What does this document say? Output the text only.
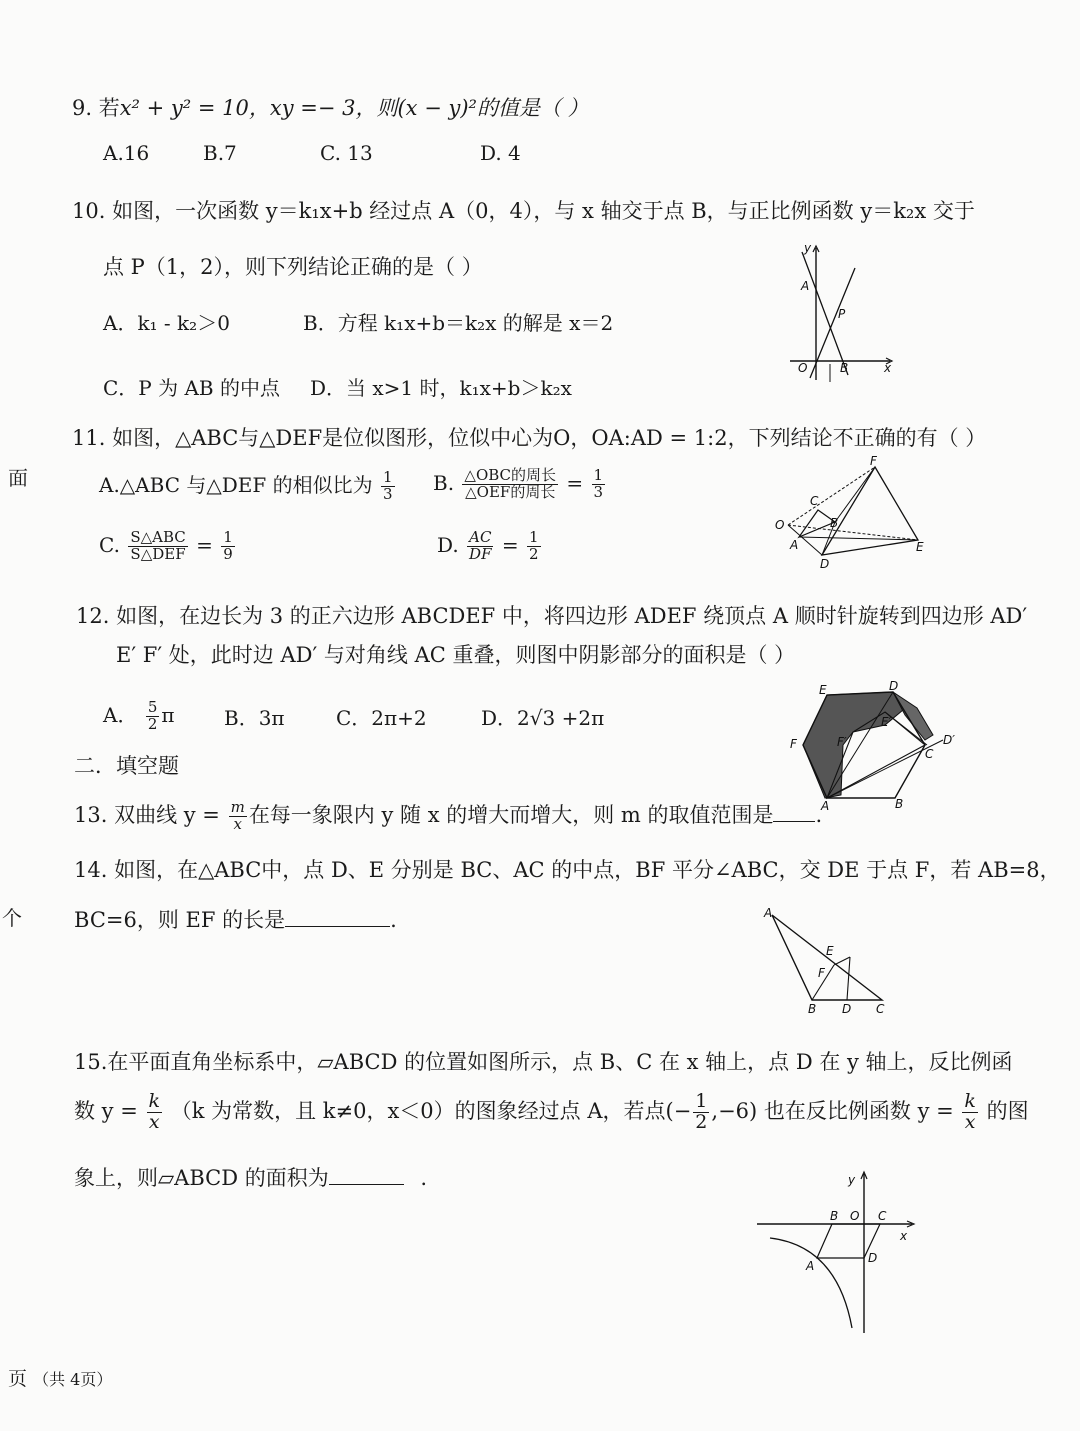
9. 若x² + y² = 10，xy =− 3，则(x − y)²的值是（ ）
A.16	B.7	C. 13	D. 4
10. 如图，一次函数 y＝k₁x+b 经过点 A（0，4），与 x 轴交于点 B，与正比例函数 y＝k₂x 交于
点 P（1，2），则下列结论正确的是（ ）
A．k₁ - k₂＞0	B．方程 k₁x+b＝k₂x 的解是 x＝2
C．P 为 AB 的中点 D．当 x>1 时，k₁x+b＞k₂x
y
A
P
O	B	x
11. 如图，△ABC与△DEF是位似图形，位似中心为O，OA:AD = 1:2，下列结论不正确的有（ ）
A.△ABC 与△DEF 的相似比为 $\frac{1}{3} B$. $\frac{\text{△OBC的周长}}{\text{△OEF的周长}} = \frac{1}{3}$
C. $\frac{\text{S△ABC}}{\text{S△DEF}} = \frac{1}{9}$	D. $\frac{AC}{DF} = \frac{1}{2}$
F
C
B
O
A	E
D
12. 如图，在边长为 3 的正六边形 ABCDEF 中，将四边形 ADEF 绕顶点 A 顺时针旋转到四边形 AD′
E′ F′ 处，此时边 AD′ 与对角线 AC 重叠，则图中阴影部分的面积是（ ）
A． $\frac{5}{2}$ π B．3π	C．2π+2	D．2√3 +2π
E	D
E′
D′
F	F′
C
A	B
二．填空题
13. 双曲线 $y = \frac{m}{x}$ 在每一象限内 y 随 x 的增大而增大，则 m 的取值范围是 .
14. 如图，在△ABC中，点 D、E 分别是 BC、AC 的中点，BF 平分∠ABC，交 DE 于点 F，若 AB=8，
BC=6，则 EF 的长是	.	A
E
F
B D C
15.在平面直角坐标系中，▱ABCD 的位置如图所示，点 B、C 在 x 轴上，点 D 在 y 轴上，反比例函
数 $y = \frac{k}{x} (k$ 为常数，且 k≠0，x＜0）的图象经过点 A，若点(− $\frac{1}{2} ,-6$) 也在反比例函数 $y = \frac{k}{x}$ 的图
象上，则▱ABCD 的面积为	.	y
B O C
x
A
D
面
个
页 （共 4页）
